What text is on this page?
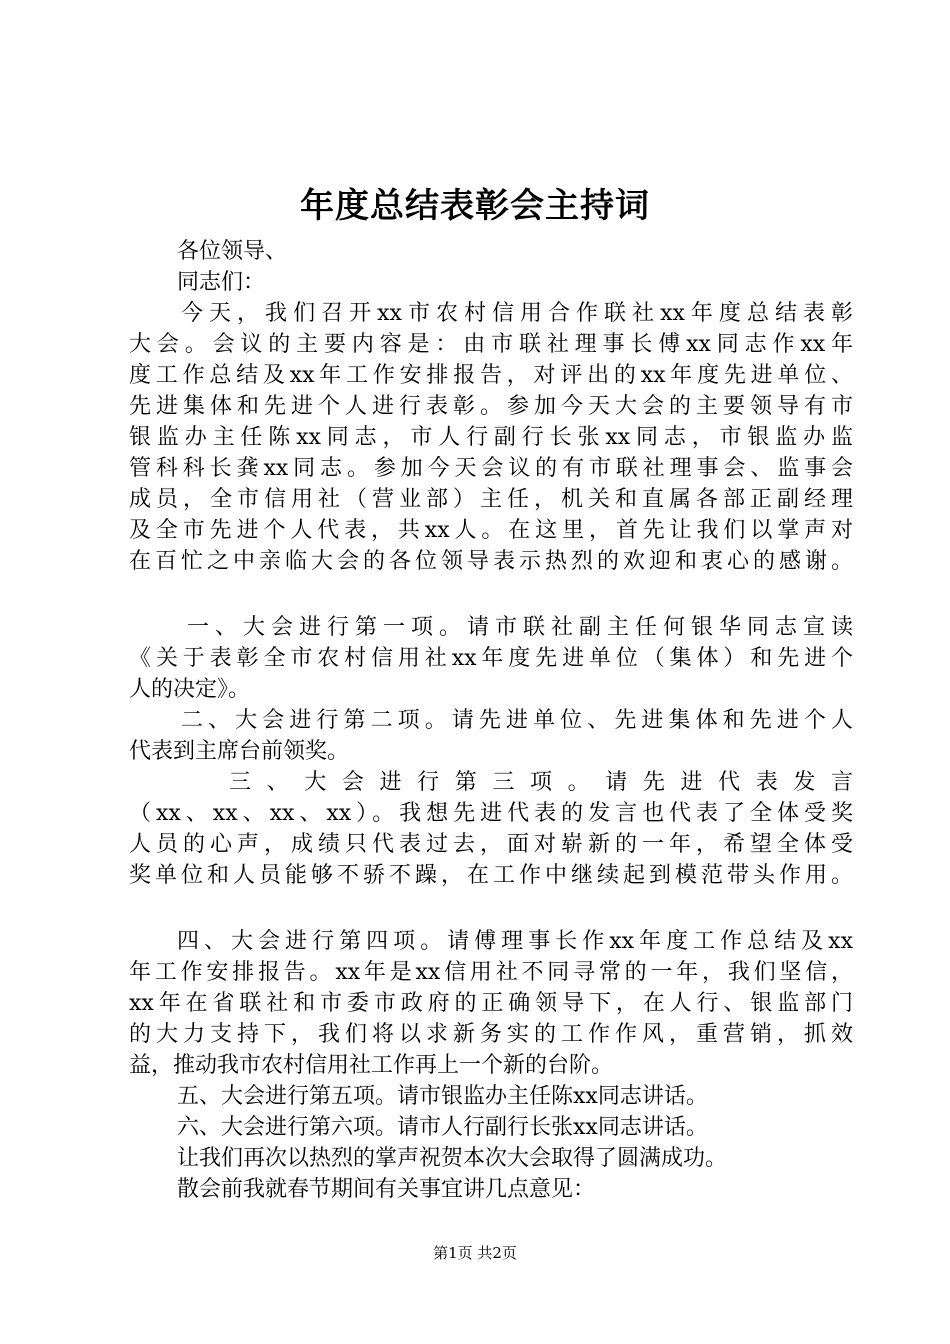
年度总结表彰会主持词
各位领导、
同志们：
今天，我们召开xx市农村信用合作联社xx年度总结表彰
大会。会议的主要内容是：由市联社理事长傅xx同志作xx年
度工作总结及xx年工作安排报告，对评出的xx年度先进单位、
先进集体和先进个人进行表彰。参加今天大会的主要领导有市
银监办主任陈xx同志，市人行副行长张xx同志，市银监办监
管科科长龚xx同志。参加今天会议的有市联社理事会、监事会
成员，全市信用社（营业部）主任，机关和直属各部正副经理
及全市先进个人代表，共xx人。在这里，首先让我们以掌声对
在百忙之中亲临大会的各位领导表示热烈的欢迎和衷心的感谢。
一、大会进行第一项。请市联社副主任何银华同志宣读
《关于表彰全市农村信用社xx年度先进单位（集体）和先进个
人的决定》。
二、大会进行第二项。请先进单位、先进集体和先进个人
代表到主席台前领奖。
三、大会进行第三项。请先进代表发言
（xx、xx、xx、xx）。我想先进代表的发言也代表了全体受奖
人员的心声，成绩只代表过去，面对崭新的一年，希望全体受
奖单位和人员能够不骄不躁，在工作中继续起到模范带头作用。
四、大会进行第四项。请傅理事长作xx年度工作总结及xx
年工作安排报告。xx年是xx信用社不同寻常的一年，我们坚信，
xx年在省联社和市委市政府的正确领导下，在人行、银监部门
的大力支持下，我们将以求新务实的工作作风，重营销，抓效
益，推动我市农村信用社工作再上一个新的台阶。
五、大会进行第五项。请市银监办主任陈xx同志讲话。
六、大会进行第六项。请市人行副行长张xx同志讲话。
让我们再次以热烈的掌声祝贺本次大会取得了圆满成功。
散会前我就春节期间有关事宜讲几点意见：
第1页 共2页
